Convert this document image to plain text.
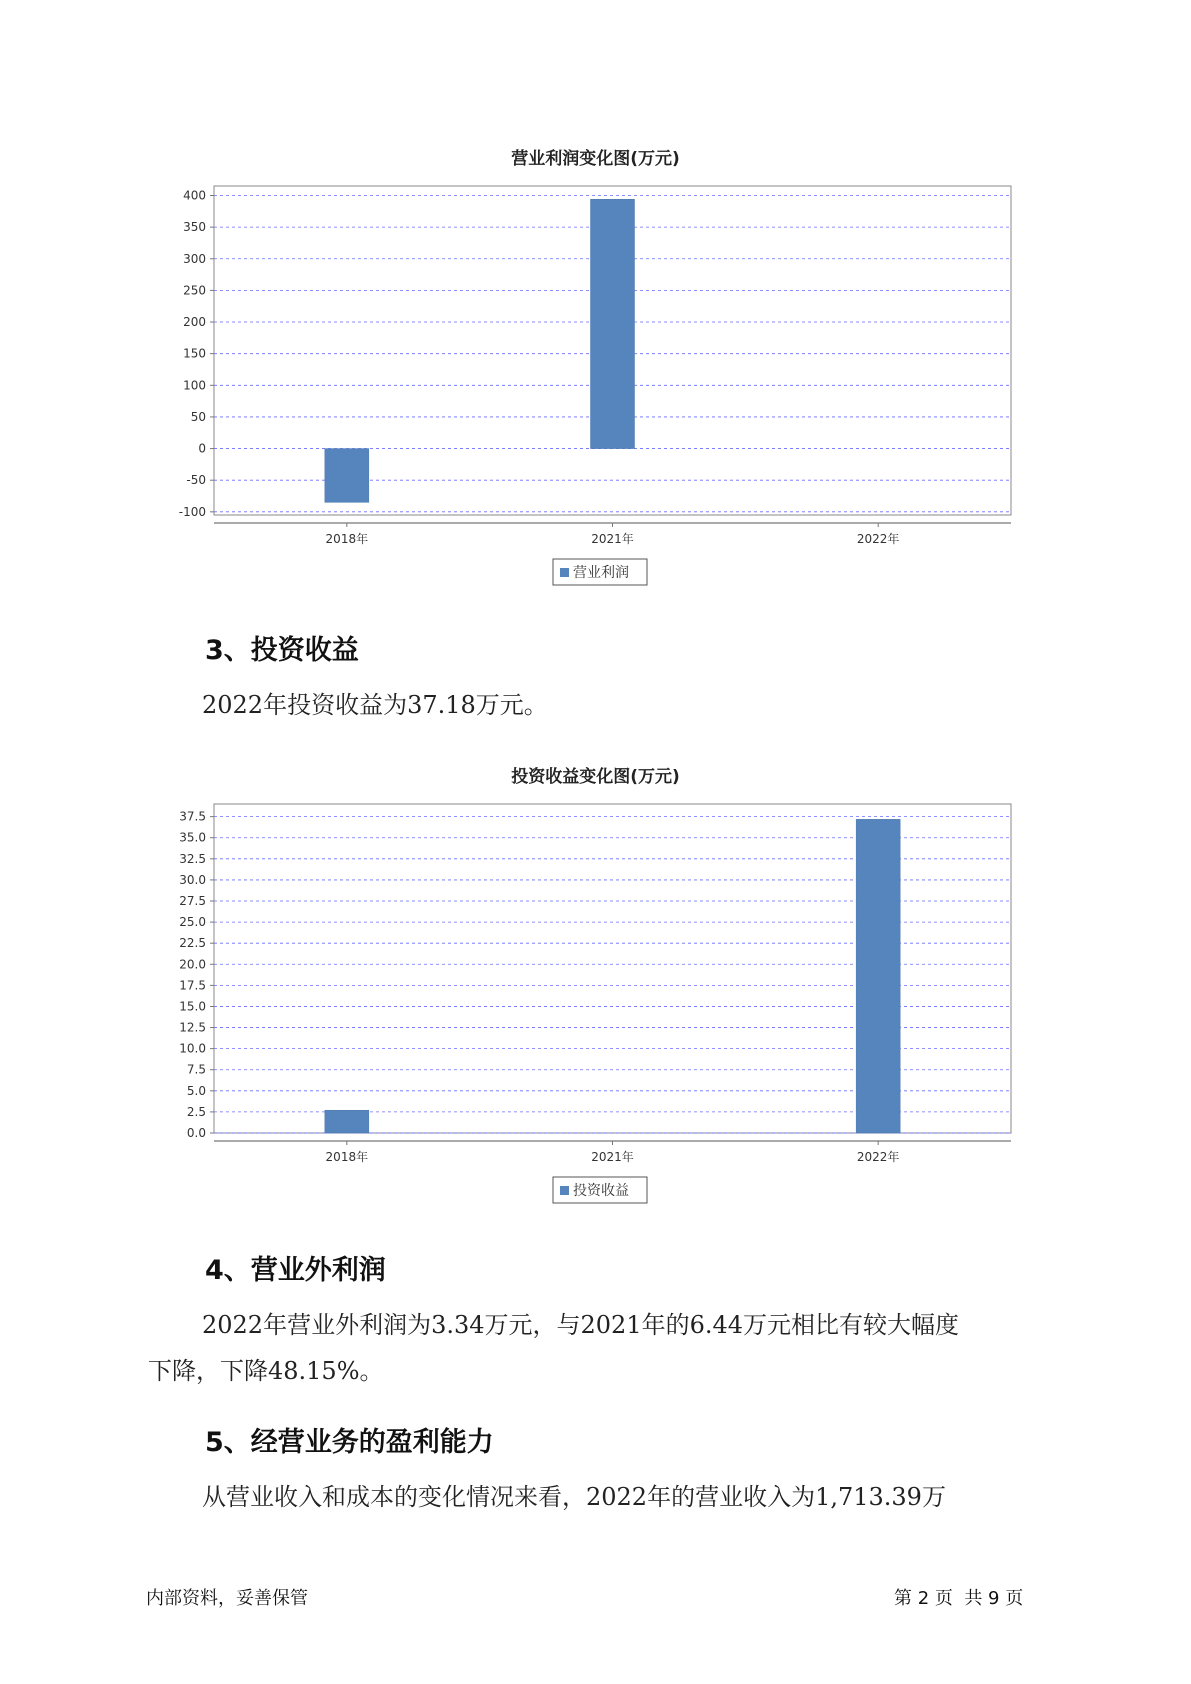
营业利润变化图(万元)
400
350
300
250
200
150
100
50
0
-50
-100
2018年	2021年	2022年
营业利润
3、投资收益

2022年投资收益为37.18万元。

投资收益变化图(万元)
37.5
35.0
32.5
30.0
27.5
25.0
22.5
20.0
17.5
15.0
12.5
10.0
7.5
5.0
2.5
0.0
2018年	2021年	2022年
投资收益
4、营业外利润

2022年营业外利润为3.34万元，与2021年的6.44万元相比有较大幅度

下降，下降48.15%。

5、经营业务的盈利能力

从营业收入和成本的变化情况来看，2022年的营业收入为1,713.39万

内部资料，妥善保管	第 2 页  共 9 页
